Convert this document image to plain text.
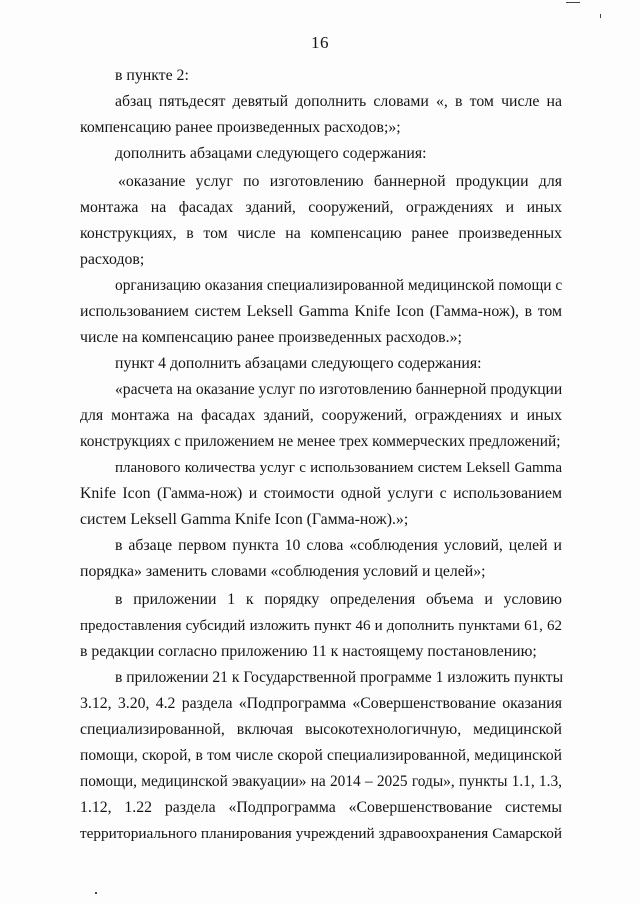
16
в пункте 2:
абзац пятьдесят девятый дополнить словами «, в том числе на
компенсацию ранее произведенных расходов;»;
дополнить абзацами следующего содержания:
«оказание услуг по изготовлению баннерной продукции для
монтажа на фасадах зданий, сооружений, ограждениях и иных
конструкциях, в том числе на компенсацию ранее произведенных
расходов;
организацию оказания специализированной медицинской помощи с
использованием систем Leksell Gamma Knife Icon (Гамма-нож), в том
числе на компенсацию ранее произведенных расходов.»;
пункт 4 дополнить абзацами следующего содержания:
«расчета на оказание услуг по изготовлению баннерной продукции
для монтажа на фасадах зданий, сооружений, ограждениях и иных
конструкциях с приложением не менее трех коммерческих предложений;
планового количества услуг с использованием систем Leksell Gamma
Knife Icon (Гамма-нож) и стоимости одной услуги с использованием
систем Leksell Gamma Knife Icon (Гамма-нож).»;
в абзаце первом пункта 10 слова «соблюдения условий, целей и
порядка» заменить словами «соблюдения условий и целей»;
в приложении 1 к порядку определения объема и условию
предоставления субсидий изложить пункт 46 и дополнить пунктами 61, 62
в редакции согласно приложению 11 к настоящему постановлению;
в приложении 21 к Государственной программе 1 изложить пункты
3.12, 3.20, 4.2 раздела «Подпрограмма «Совершенствование оказания
специализированной, включая высокотехнологичную, медицинской
помощи, скорой, в том числе скорой специализированной, медицинской
помощи, медицинской эвакуации» на 2014 – 2025 годы», пункты 1.1, 1.3,
1.12, 1.22 раздела «Подпрограмма «Совершенствование системы
территориального планирования учреждений здравоохранения Самарской
